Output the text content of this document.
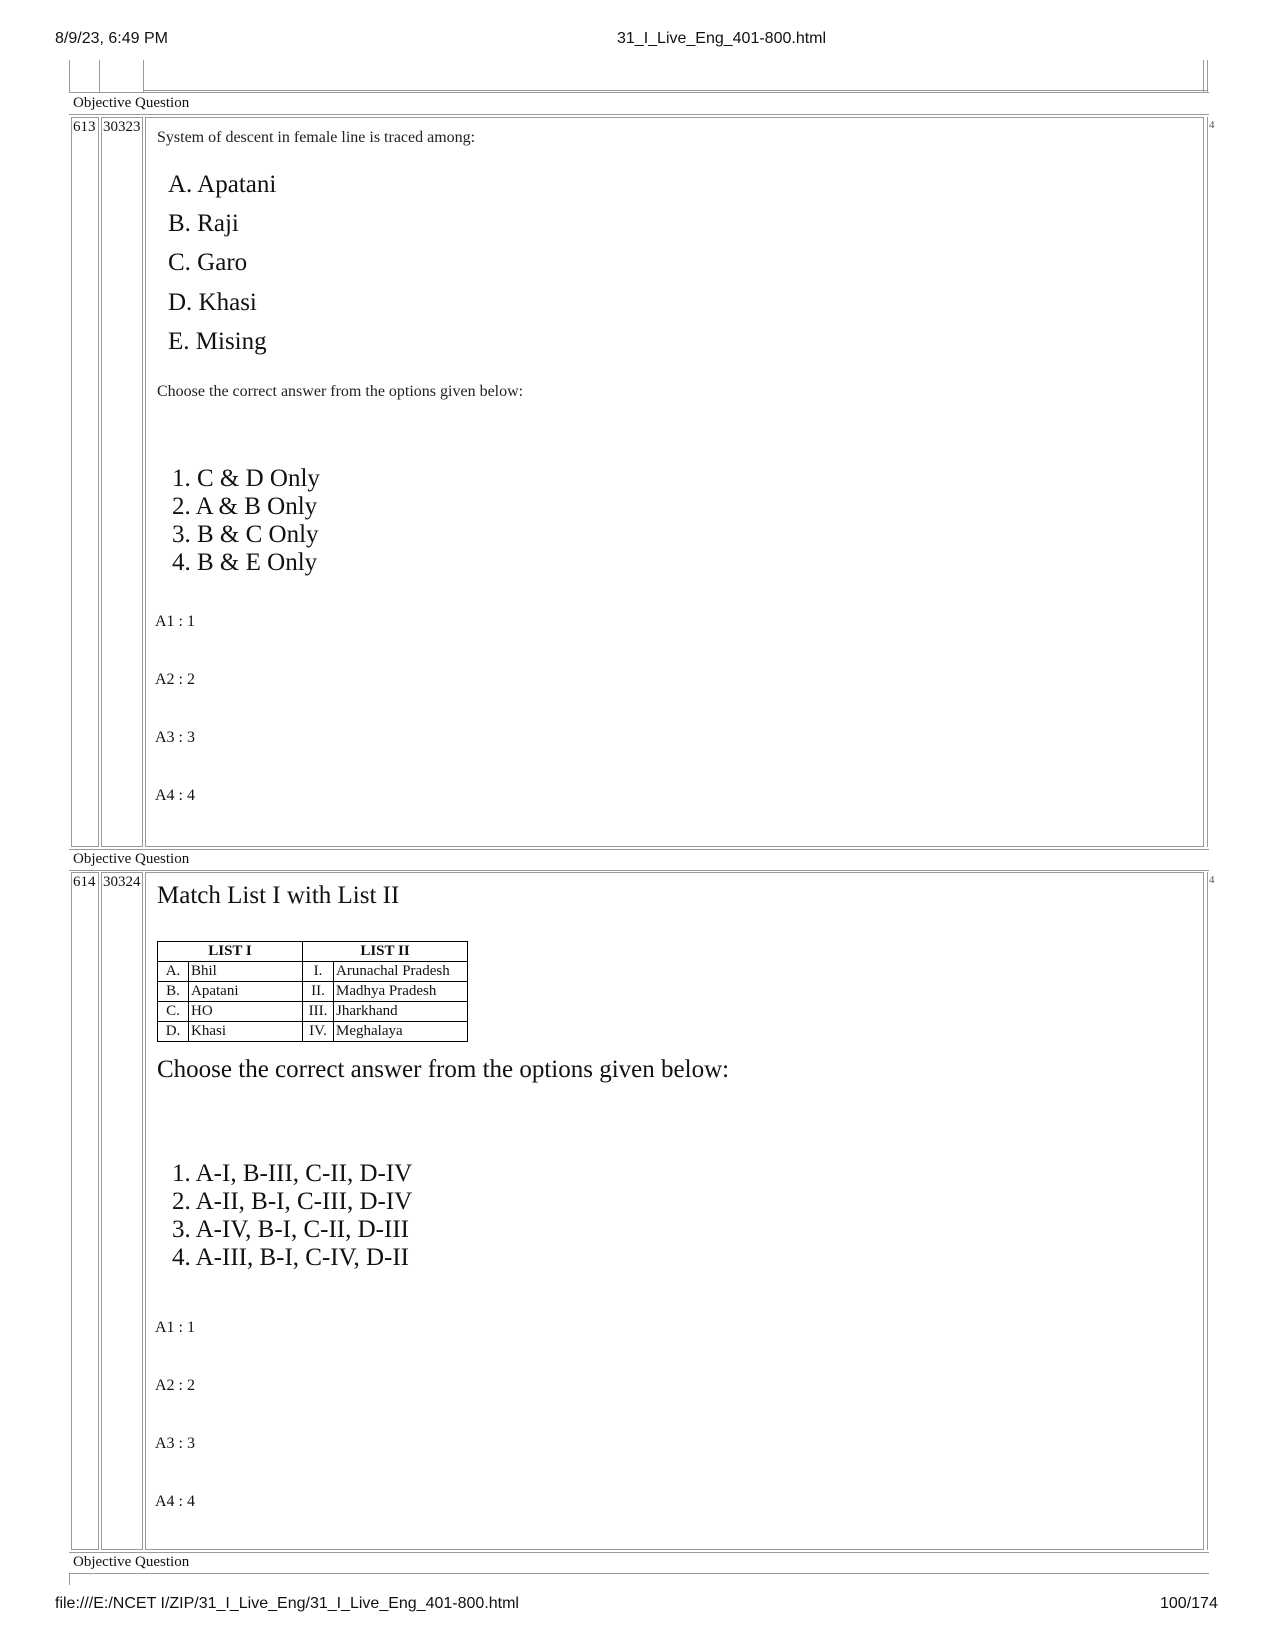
8/9/23, 6:49 PM	31_I_Live_Eng_401-800.html
Objective Question
4
613 30323
System of descent in female line is traced among:
A. Apatani
B. Raji
C. Garo
D. Khasi
E. Mising
Choose the correct answer from the options given below:
1. C & D Only
2. A & B Only
3. B & C Only
4. B & E Only
A1 : 1
A2 : 2
A3 : 3
A4 : 4
Objective Question
4
614 30324 Match List I with List II
LIST I		LIST II	
A.	Bhil	I.	Arunachal Pradesh
B.	Apatani	II.	Madhya Pradesh
C.	HO	III.	Jharkhand
D.	Khasi	IV.	Meghalaya
Choose the correct answer from the options given below:
1. A-I, B-III, C-II, D-IV
2. A-II, B-I, C-III, D-IV
3. A-IV, B-I, C-II, D-III
4. A-III, B-I, C-IV, D-II
A1 : 1
A2 : 2
A3 : 3
A4 : 4
Objective Question
file:///E:/NCET I/ZIP/31_I_Live_Eng/31_I_Live_Eng_401-800.html	100/174
